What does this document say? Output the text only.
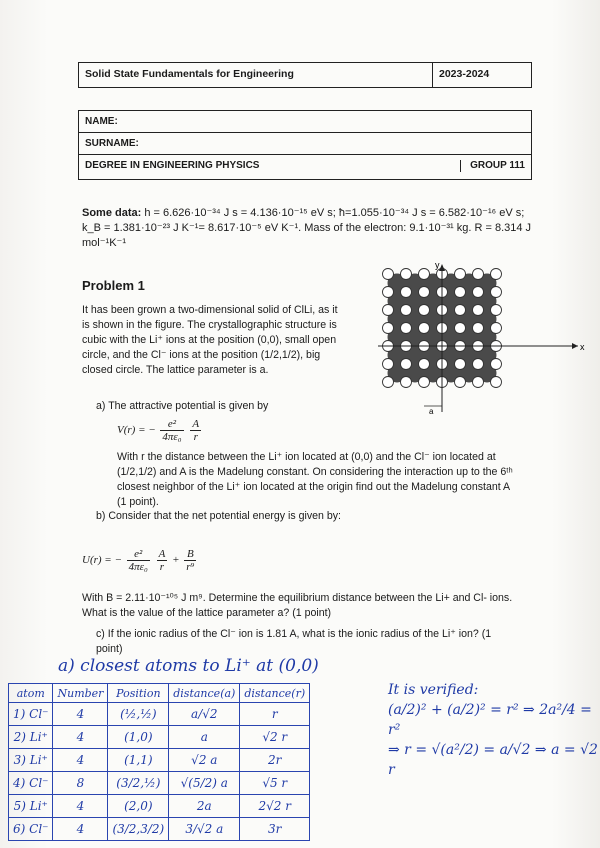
Solid State Fundamentals for Engineering	2023-2024
NAME:
SURNAME:
DEGREE IN ENGINEERING PHYSICS	GROUP 111
Some data: h = 6.626·10⁻³⁴ J s = 4.136·10⁻¹⁵ eV s; ħ=1.055·10⁻³⁴ J s = 6.582·10⁻¹⁶ eV s; k_B = 1.381·10⁻²³ J K⁻¹= 8.617·10⁻⁵ eV K⁻¹. Mass of the electron: 9.1·10⁻³¹ kg. R = 8.314 J mol⁻¹K⁻¹
Problem 1
It has been grown a two-dimensional solid of ClLi, as it is shown in the figure. The crystallographic structure is cubic with the Li⁺ ions at the position (0,0), small open circle, and the Cl⁻ ions at the position (1/2,1/2), big closed circle. The lattice parameter is a.
a) The attractive potential is given by
V(r) = − $\frac{\text{e²}}{\text{4πε₀}}$
$\frac{A}{r}$
With r the distance between the Li⁺ ion located at (0,0) and the Cl⁻ ion located at (1/2,1/2) and A is the Madelung constant. On considering the interaction up to the 6ᵗʰ closest neighbor of the Li⁺ ion located at the origin find out the Madelung constant A (1 point).
b) Consider that the net potential energy is given by:
U(r) = − $\frac{\text{e²}}{\text{4πε₀}}$
$\frac{A}{r} + \frac{B}{\text{r⁹}}$
With B = 2.11·10⁻¹⁰⁵ J m⁹. Determine the equilibrium distance between the Li+ and Cl- ions. What is the value of the lattice parameter a? (1 point)
c) If the ionic radius of the Cl⁻ ion is 1.81 A, what is the ionic radius of the Li⁺ ion? (1 point)
x
y
a
a) closest atoms to Li⁺ at (0,0)
atom	Number	Position	distance(a)	distance(r)
1) Cl⁻	4	(½,½)	a/√2	r
2) Li⁺	4	(1,0)	a	√2 r
3) Li⁺	4	(1,1)	√2 a	2r
4) Cl⁻	8	(3/2,½)	√(5/2) a	√5 r
5) Li⁺	4	(2,0)	2a	2√2 r
6) Cl⁻	4	(3/2,3/2)	3/√2 a	3r
It is verified:
(a/2)² + (a/2)² = r² ⇒ 2a²/4 = r²
⇒ r = √(a²/2) = a/√2 ⇒ a = √2 r
